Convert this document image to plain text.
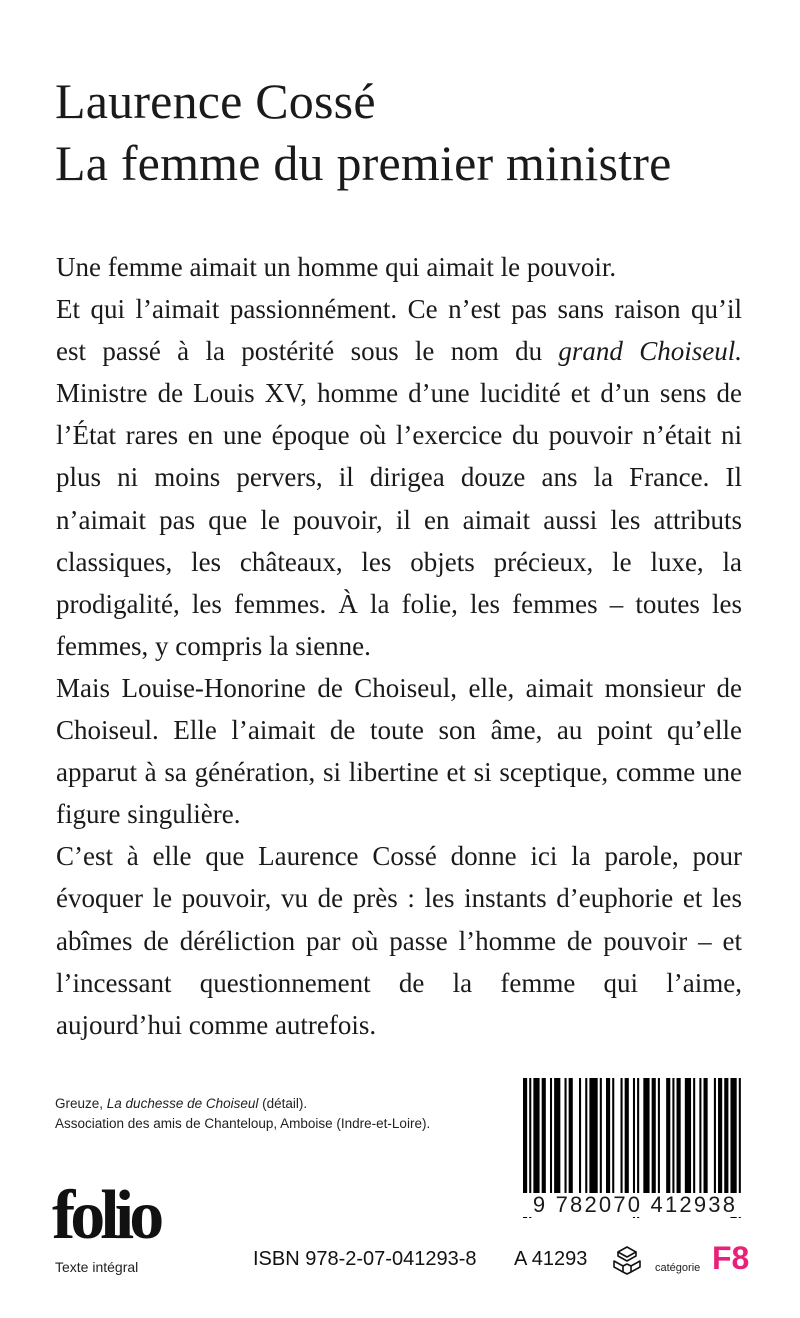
Laurence Cossé
La femme du premier ministre

Une femme aimait un homme qui aimait le pouvoir.

Et qui l’aimait passionnément. Ce n’est pas sans raison qu’il est passé à la postérité sous le nom du grand Choiseul. Ministre de Louis XV, homme d’une lucidité et d’un sens de l’État rares en une époque où l’exercice du pouvoir n’était ni plus ni moins pervers, il dirigea douze ans la France. Il n’aimait pas que le pouvoir, il en aimait aussi les attributs classiques, les châteaux, les objets précieux, le luxe, la prodigalité, les femmes. À la folie, les femmes – toutes les femmes, y compris la sienne.

Mais Louise-Honorine de Choiseul, elle, aimait monsieur de Choiseul. Elle l’aimait de toute son âme, au point qu’elle apparut à sa génération, si libertine et si sceptique, comme une figure singulière.

C’est à elle que Laurence Cossé donne ici la parole, pour évoquer le pouvoir, vu de près : les instants d’euphorie et les abîmes de déréliction par où passe l’homme de pouvoir – et l’incessant questionnement de la femme qui l’aime, aujourd’hui comme autrefois.

Greuze, La duchesse de Choiseul (détail).

Association des amis de Chanteloup, Amboise (Indre-et-Loire).

9 782070 412938
folio
Texte intégral	ISBN 978-2-07-041293-8 A 41293	catégorie F8
